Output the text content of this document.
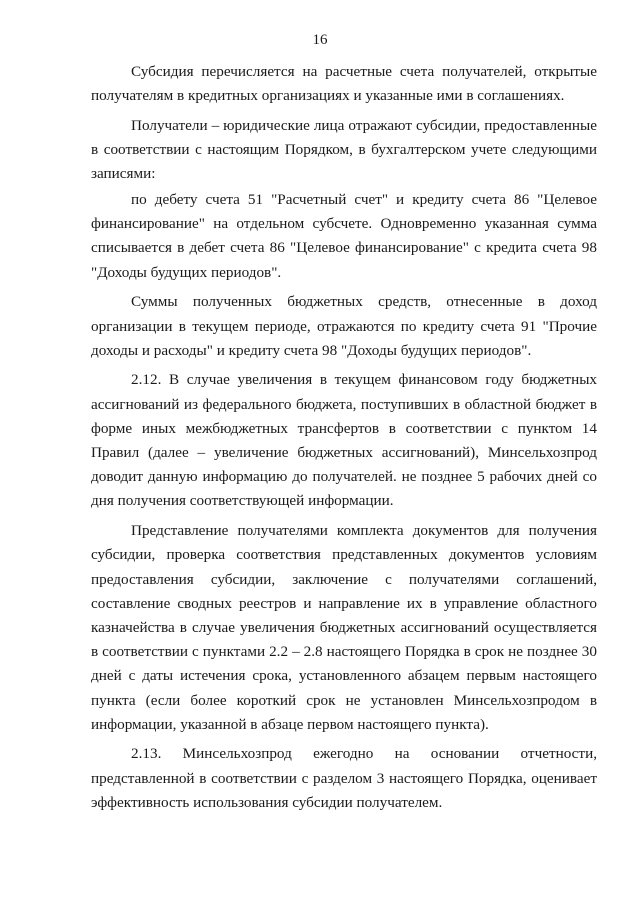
16

Субсидия перечисляется на расчетные счета получателей, открытые получателям в кредитных организациях и указанные ими в соглашениях.

Получатели – юридические лица отражают субсидии, предоставленные в соответствии с настоящим Порядком, в бухгалтерском учете следующими записями:

по дебету счета 51 "Расчетный счет" и кредиту счета 86 "Целевое финансирование" на отдельном субсчете. Одновременно указанная сумма списывается в дебет счета 86 "Целевое финансирование" с кредита счета 98 "Доходы будущих периодов".

Суммы полученных бюджетных средств, отнесенные в доход организации в текущем периоде, отражаются по кредиту счета 91 "Прочие доходы и расходы" и кредиту счета 98 "Доходы будущих периодов".

2.12. В случае увеличения в текущем финансовом году бюджетных ассигнований из федерального бюджета, поступивших в областной бюджет в форме иных межбюджетных трансфертов в соответствии с пунктом 14 Правил (далее – увеличение бюджетных ассигнований), Минсельхозпрод доводит данную информацию до получателей. не позднее 5 рабочих дней со дня получения соответствующей информации.

Представление получателями комплекта документов для получения субсидии, проверка соответствия представленных документов условиям предоставления субсидии, заключение с получателями соглашений, составление сводных реестров и направление их в управление областного казначейства в случае увеличения бюджетных ассигнований осуществляется в соответствии с пунктами 2.2 – 2.8 настоящего Порядка в срок не позднее 30 дней с даты истечения срока, установленного абзацем первым настоящего пункта (если более короткий срок не установлен Минсельхозпродом в информации, указанной в абзаце первом настоящего пункта).

2.13. Минсельхозпрод ежегодно на основании отчетности, представленной в соответствии с разделом 3 настоящего Порядка, оценивает эффективность использования субсидии получателем.
